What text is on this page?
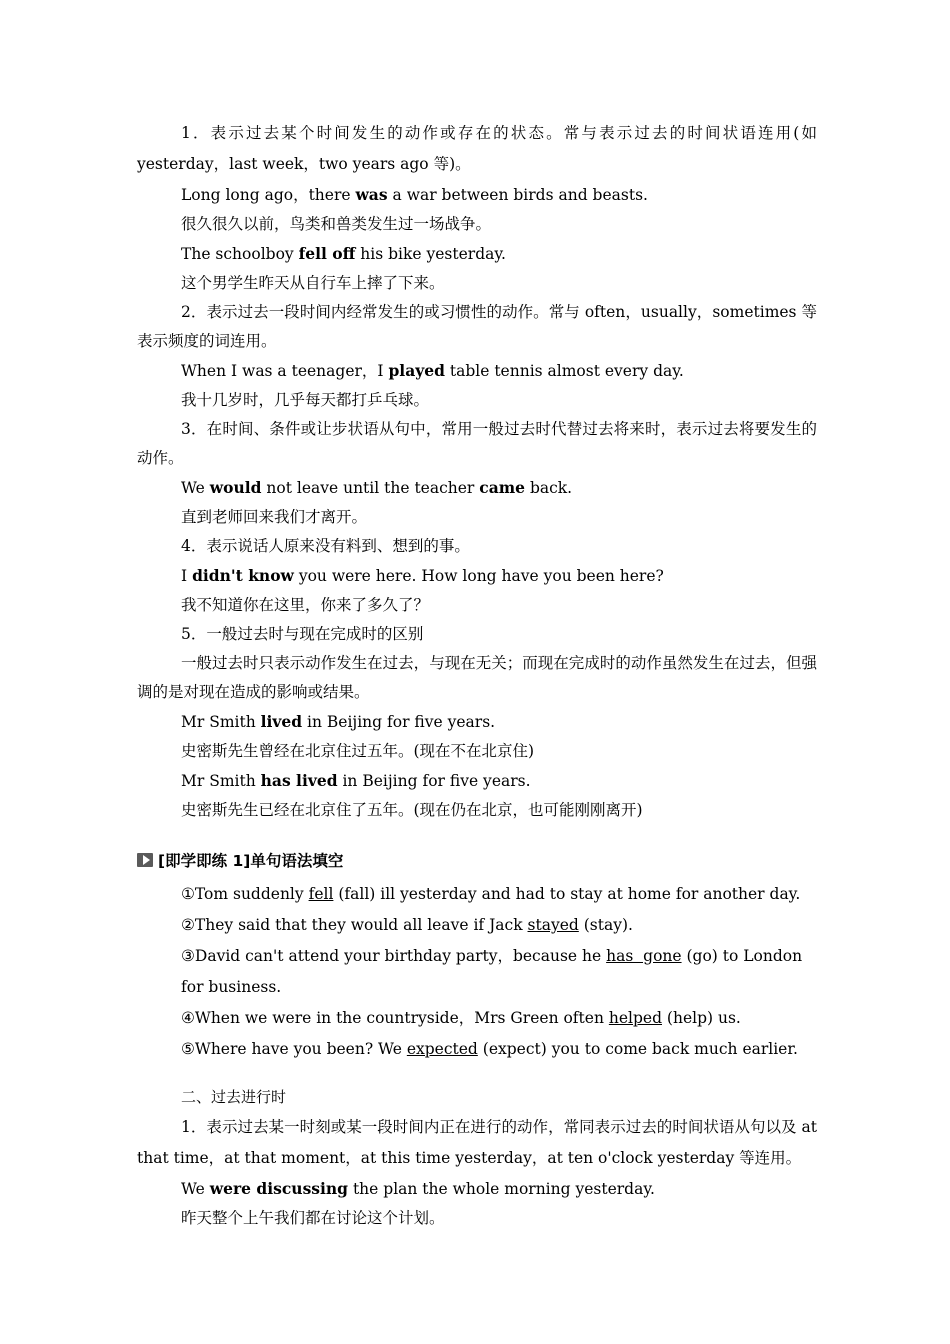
1．表示过去某个时间发生的动作或存在的状态。常与表示过去的时间状语连用(如 yesterday，last week，two years ago 等)。

Long long ago，there was a war between birds and beasts.

很久很久以前，鸟类和兽类发生过一场战争。

The schoolboy fell off his bike yesterday.

这个男学生昨天从自行车上摔了下来。

2．表示过去一段时间内经常发生的或习惯性的动作。常与 often，usually，sometimes 等表示频度的词连用。

When I was a teenager，I played table tennis almost every day.

我十几岁时，几乎每天都打乒乓球。

3．在时间、条件或让步状语从句中，常用一般过去时代替过去将来时，表示过去将要发生的动作。

We would not leave until the teacher came back.

直到老师回来我们才离开。

4．表示说话人原来没有料到、想到的事。

I didn't know you were here. How long have you been here?

我不知道你在这里，你来了多久了？

5．一般过去时与现在完成时的区别

一般过去时只表示动作发生在过去，与现在无关；而现在完成时的动作虽然发生在过去，但强调的是对现在造成的影响或结果。

Mr Smith lived in Beijing for five years.

史密斯先生曾经在北京住过五年。(现在不在北京住)

Mr Smith has lived in Beijing for five years.

史密斯先生已经在北京住了五年。(现在仍在北京，也可能刚刚离开)

[即学即练 1]单句语法填空

①Tom suddenly fell (fall) ill yesterday and had to stay at home for another day.

②They said that they would all leave if Jack stayed (stay).

③David can't attend your birthday party，because he has  gone (go) to London for business.

④When we were in the countryside，Mrs Green often helped (help) us.

⑤Where have you been? We expected (expect) you to come back much earlier.

二、过去进行时

1．表示过去某一时刻或某一段时间内正在进行的动作，常同表示过去的时间状语从句以及 at that time，at that moment，at this time yesterday，at ten o'clock yesterday 等连用。

We were discussing the plan the whole morning yesterday.

昨天整个上午我们都在讨论这个计划。
